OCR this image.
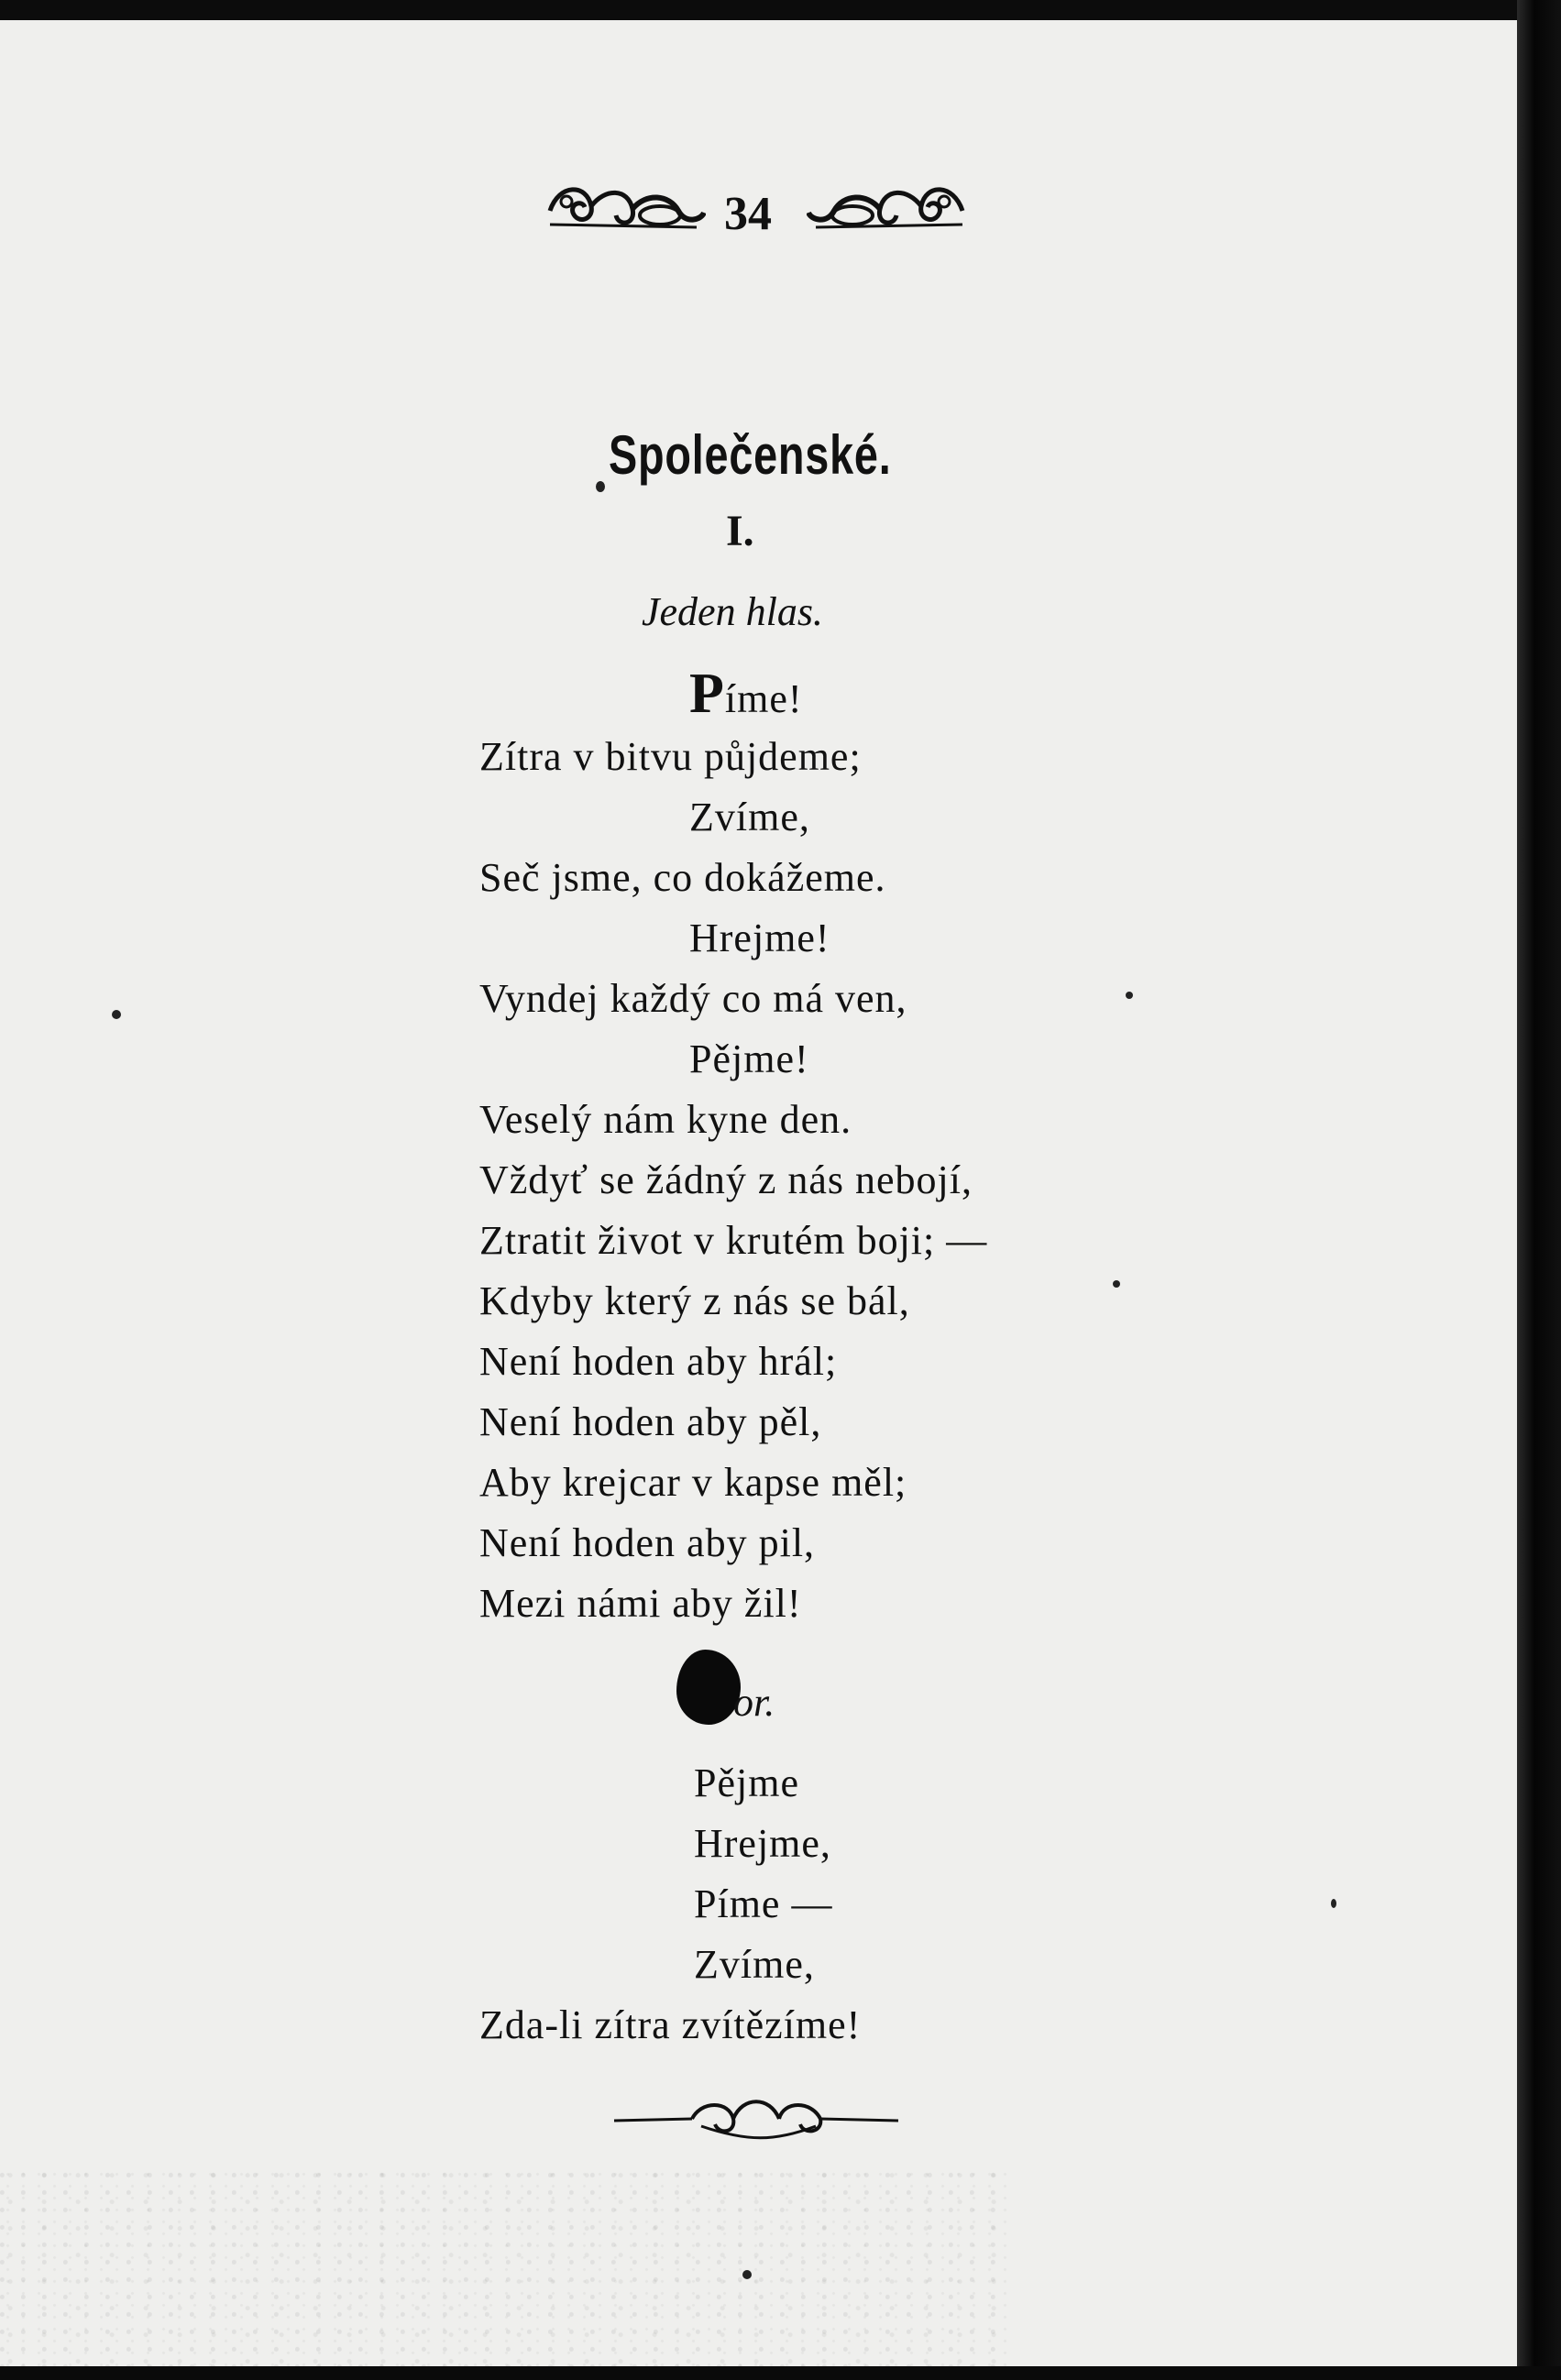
34
Společenské.
I.
Jeden hlas.
Píme!
Zítra v bitvu půjdeme;
Zvíme,
Seč jsme, co dokážeme.
Hrejme!
Vyndej každý co má ven,
Pějme!
Veselý nám kyne den.
Vždyť se žádný z nás nebojí,
Ztratit život v krutém boji; —
Kdyby který z nás se bál,
Není hoden aby hrál;
Není hoden aby pěl,
Aby krejcar v kapse měl;
Není hoden aby pil,
Mezi námi aby žil!
or.
Pějme
Hrejme,
Píme —
Zvíme,
Zda-li zítra zvítězíme!
